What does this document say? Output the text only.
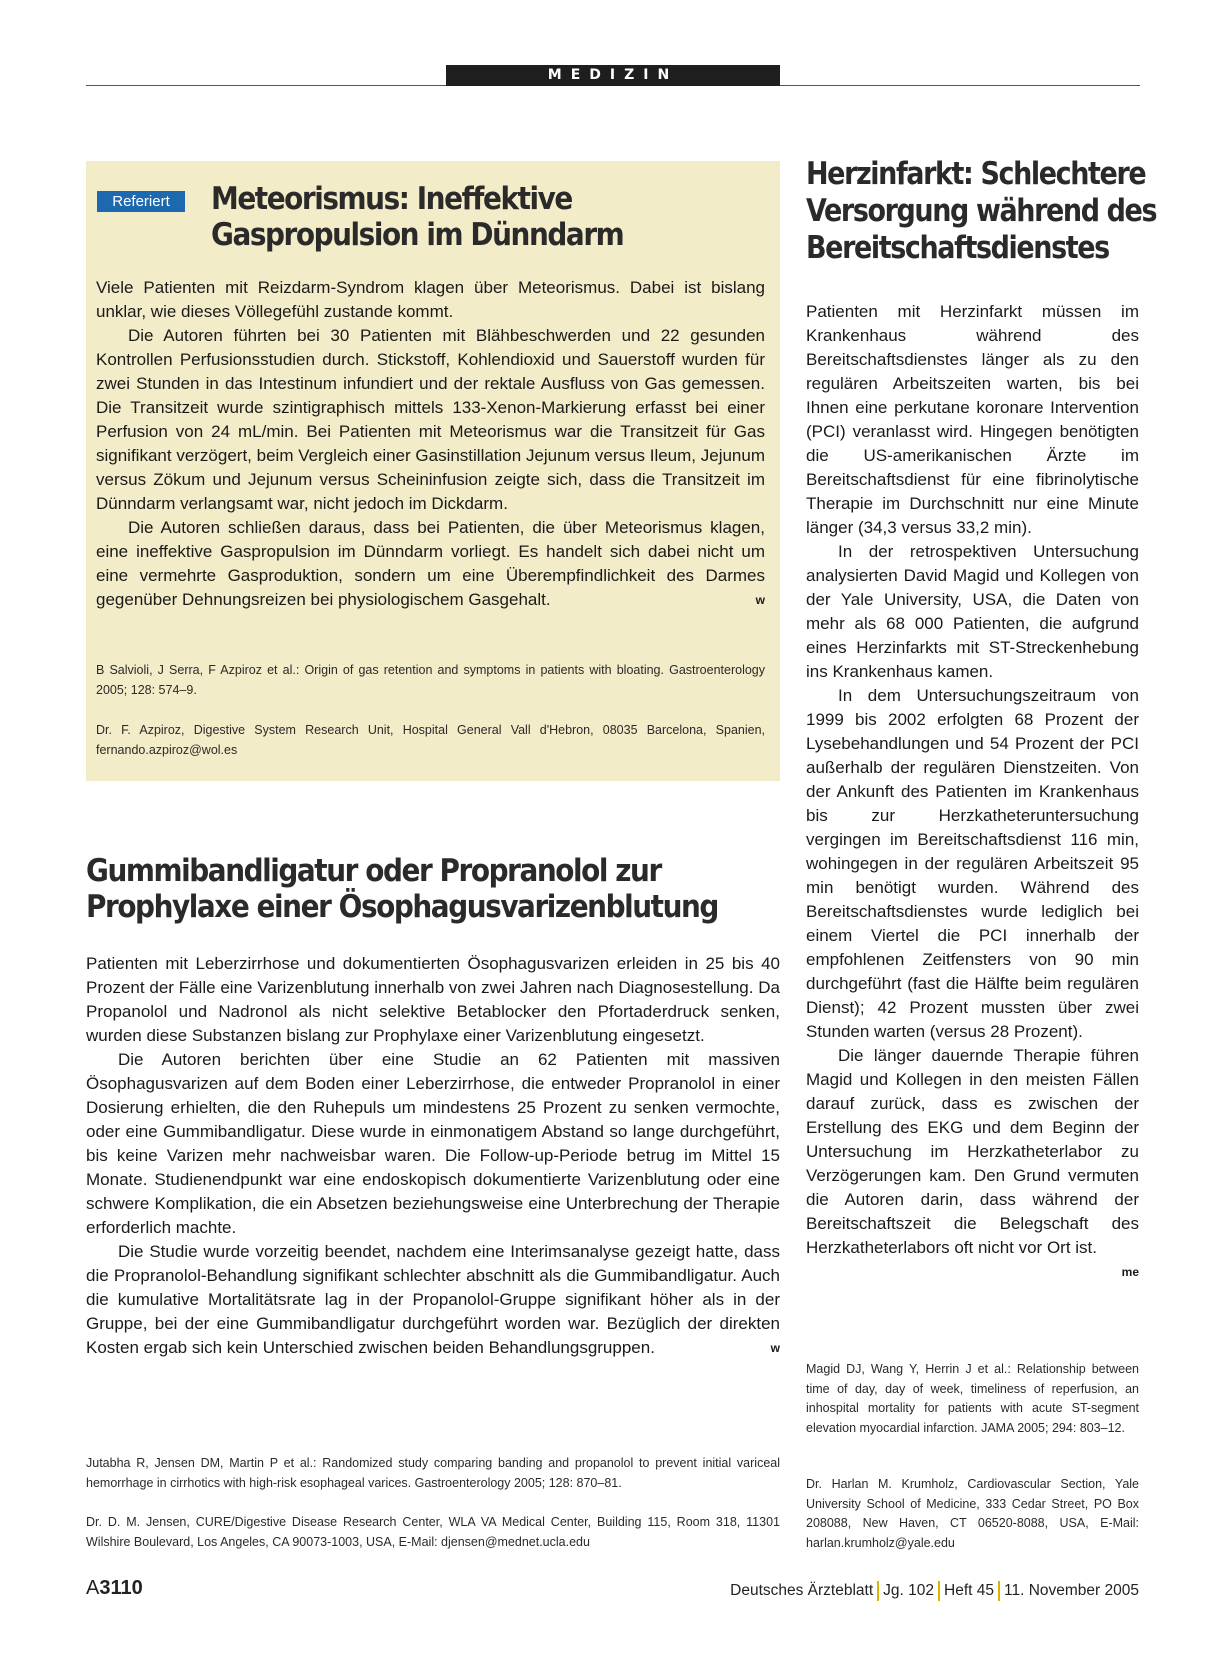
MEDIZIN
Referiert	Meteorismus: Ineffektive
Gaspropulsion im Dünndarm

Viele Patienten mit Reizdarm-Syndrom klagen über Meteorismus. Dabei ist bislang unklar, wie dieses Völlegefühl zustande kommt.

Die Autoren führten bei 30 Patienten mit Blähbeschwerden und 22 gesunden Kontrollen Perfusionsstudien durch. Stickstoff, Kohlendioxid und Sauerstoff wurden für zwei Stunden in das Intestinum infundiert und der rektale Ausfluss von Gas gemessen. Die Transitzeit wurde szintigraphisch mittels 133-Xenon-Markierung erfasst bei einer Perfusion von 24 mL/min. Bei Patienten mit Meteorismus war die Transitzeit für Gas signifikant verzögert, beim Vergleich einer Gasinstillation Jejunum versus Ileum, Jejunum versus Zökum und Jejunum versus Scheininfusion zeigte sich, dass die Transitzeit im Dünndarm verlangsamt war, nicht jedoch im Dickdarm.

Die Autoren schließen daraus, dass bei Patienten, die über Meteorismus klagen, eine ineffektive Gaspropulsion im Dünndarm vorliegt. Es handelt sich dabei nicht um eine vermehrte Gasproduktion, sondern um eine Überempfindlichkeit des Darmes gegenüber Dehnungsreizen bei physiologischem Gasgehalt.	w

B Salvioli, J Serra, F Azpiroz et al.: Origin of gas retention and symptoms in patients with bloating. Gastroenterology 2005; 128: 574–9.

Dr. F. Azpiroz, Digestive System Research Unit, Hospital General Vall d'Hebron, 08035 Barcelona, Spanien, fernando.azpiroz@wol.es

Herzinfarkt: Schlechtere
Versorgung während des
Bereitschaftsdienstes

Patienten mit Herzinfarkt müssen im Krankenhaus während des Bereitschaftsdienstes länger als zu den regulären Arbeitszeiten warten, bis bei Ihnen eine perkutane koronare Intervention (PCI) veranlasst wird. Hingegen benötigten die US-amerikanischen Ärzte im Bereitschaftsdienst für eine fibrinolytische Therapie im Durchschnitt nur eine Minute länger (34,3 versus 33,2 min).

In der retrospektiven Untersuchung analysierten David Magid und Kollegen von der Yale University, USA, die Daten von mehr als 68 000 Patienten, die aufgrund eines Herzinfarkts mit ST-Streckenhebung ins Krankenhaus kamen.

In dem Untersuchungszeitraum von 1999 bis 2002 erfolgten 68 Prozent der Lysebehandlungen und 54 Prozent der PCI außerhalb der regulären Dienstzeiten. Von der Ankunft des Patienten im Krankenhaus bis zur Herzkatheteruntersuchung vergingen im Bereitschaftsdienst 116 min, wohingegen in der regulären Arbeitszeit 95 min benötigt wurden. Während des Bereitschaftsdienstes wurde lediglich bei einem Viertel die PCI innerhalb der empfohlenen Zeitfensters von 90 min durchgeführt (fast die Hälfte beim regulären Dienst); 42 Prozent mussten über zwei Stunden warten (versus 28 Prozent).

Die länger dauernde Therapie führen Magid und Kollegen in den meisten Fällen darauf zurück, dass es zwischen der Erstellung des EKG und dem Beginn der Untersuchung im Herzkatheterlabor zu Verzögerungen kam. Den Grund vermuten die Autoren darin, dass während der Bereitschaftszeit die Belegschaft des Herzkatheterlabors oft nicht vor Ort ist.
me

Magid DJ, Wang Y, Herrin J et al.: Relationship between time of day, day of week, timeliness of reperfusion, an inhospital mortality for patients with acute ST-segment elevation myocardial infarction. JAMA 2005; 294: 803–12.

Dr. Harlan M. Krumholz, Cardiovascular Section, Yale University School of Medicine, 333 Cedar Street, PO Box 208088, New Haven, CT 06520-8088, USA, E-Mail: harlan.krumholz@yale.edu

Gummibandligatur oder Propranolol zur
Prophylaxe einer Ösophagusvarizenblutung

Patienten mit Leberzirrhose und dokumentierten Ösophagusvarizen erleiden in 25 bis 40 Prozent der Fälle eine Varizenblutung innerhalb von zwei Jahren nach Diagnosestellung. Da Propanolol und Nadronol als nicht selektive Betablocker den Pfortaderdruck senken, wurden diese Substanzen bislang zur Prophylaxe einer Varizenblutung eingesetzt.

Die Autoren berichten über eine Studie an 62 Patienten mit massiven Ösophagusvarizen auf dem Boden einer Leberzirrhose, die entweder Propranolol in einer Dosierung erhielten, die den Ruhepuls um mindestens 25 Prozent zu senken vermochte, oder eine Gummibandligatur. Diese wurde in einmonatigem Abstand so lange durchgeführt, bis keine Varizen mehr nachweisbar waren. Die Follow-up-Periode betrug im Mittel 15 Monate. Studienendpunkt war eine endoskopisch dokumentierte Varizenblutung oder eine schwere Komplikation, die ein Absetzen beziehungsweise eine Unterbrechung der Therapie erforderlich machte.

Die Studie wurde vorzeitig beendet, nachdem eine Interimsanalyse gezeigt hatte, dass die Propranolol-Behandlung signifikant schlechter abschnitt als die Gummibandligatur. Auch die kumulative Mortalitätsrate lag in der Propanolol-Gruppe signifikant höher als in der Gruppe, bei der eine Gummibandligatur durchgeführt worden war. Bezüglich der direkten Kosten ergab sich kein Unterschied zwischen beiden Behandlungsgruppen.	w

Jutabha R, Jensen DM, Martin P et al.: Randomized study comparing banding and propanolol to prevent initial variceal hemorrhage in cirrhotics with high-risk esophageal varices. Gastroenterology 2005; 128: 870–81.

Dr. D. M. Jensen, CURE/Digestive Disease Research Center, WLA VA Medical Center, Building 115, Room 318, 11301 Wilshire Boulevard, Los Angeles, CA 90073-1003, USA, E-Mail: djensen@mednet.ucla.edu

A3110	Deutsches Ärzteblatt Jg. 102 Heft 45 11. November 2005
